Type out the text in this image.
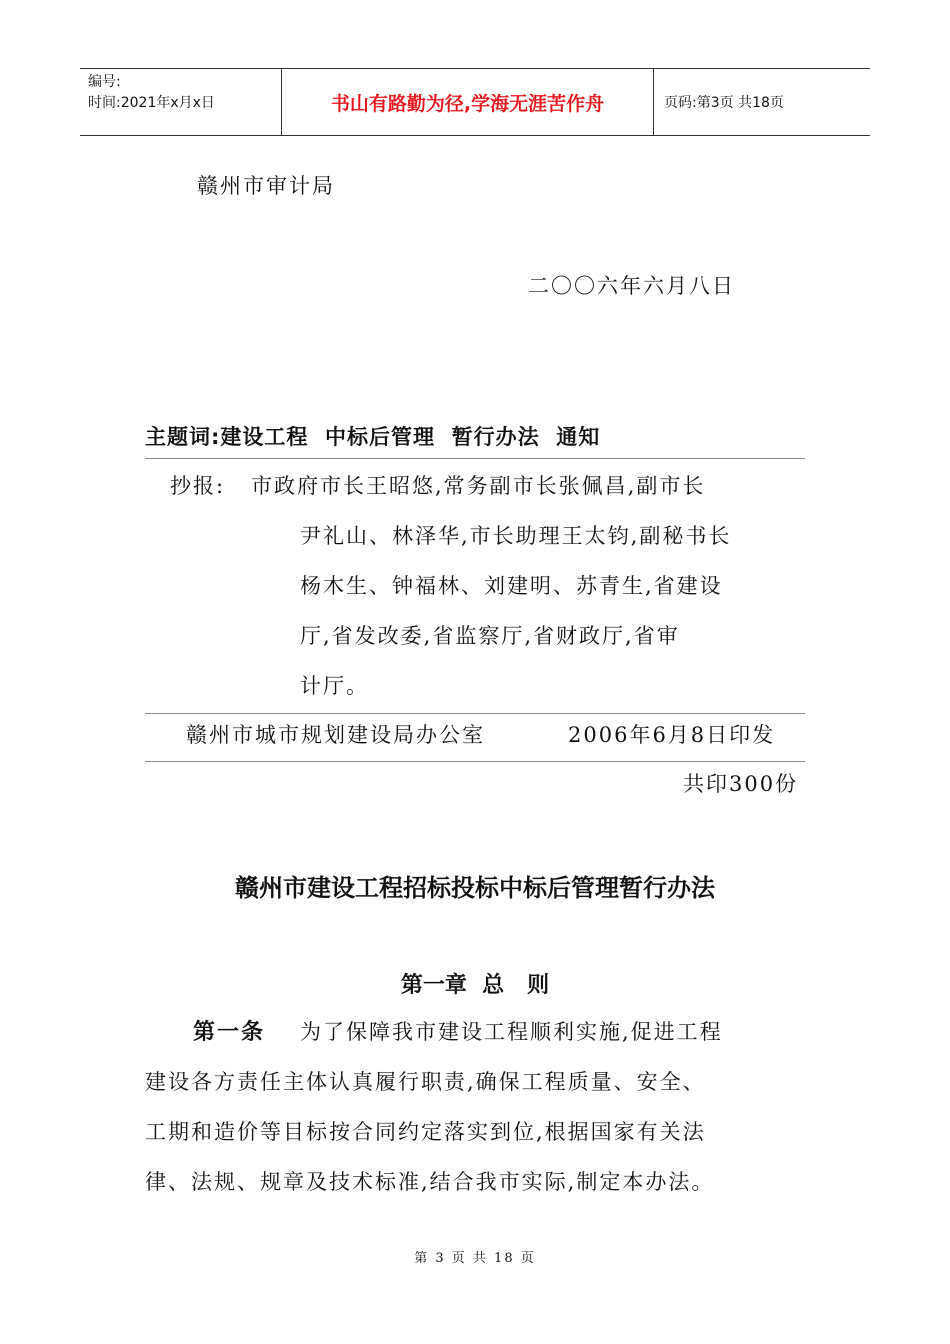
编号:
时间:2021年x月x日	书山有路勤为径,学海无涯苦作舟	页码:第3页 共18页
赣州市审计局
二〇〇六年六月八日
主题词:建设工程  中标后管理  暂行办法  通知
抄报: 市政府市长王昭悠,常务副市长张佩昌,副市长
尹礼山、林泽华,市长助理王太钧,副秘书长
杨木生、钟福林、刘建明、苏青生,省建设
厅,省发改委,省监察厅,省财政厅,省审
计厅。
赣州市城市规划建设局办公室	2006年6月8日印发
共印300份
赣州市建设工程招标投标中标后管理暂行办法
第一章  总   则
第一条 为了保障我市建设工程顺利实施,促进工程
建设各方责任主体认真履行职责,确保工程质量、安全、
工期和造价等目标按合同约定落实到位,根据国家有关法
律、法规、规章及技术标准,结合我市实际,制定本办法。
第 3 页 共 18 页
